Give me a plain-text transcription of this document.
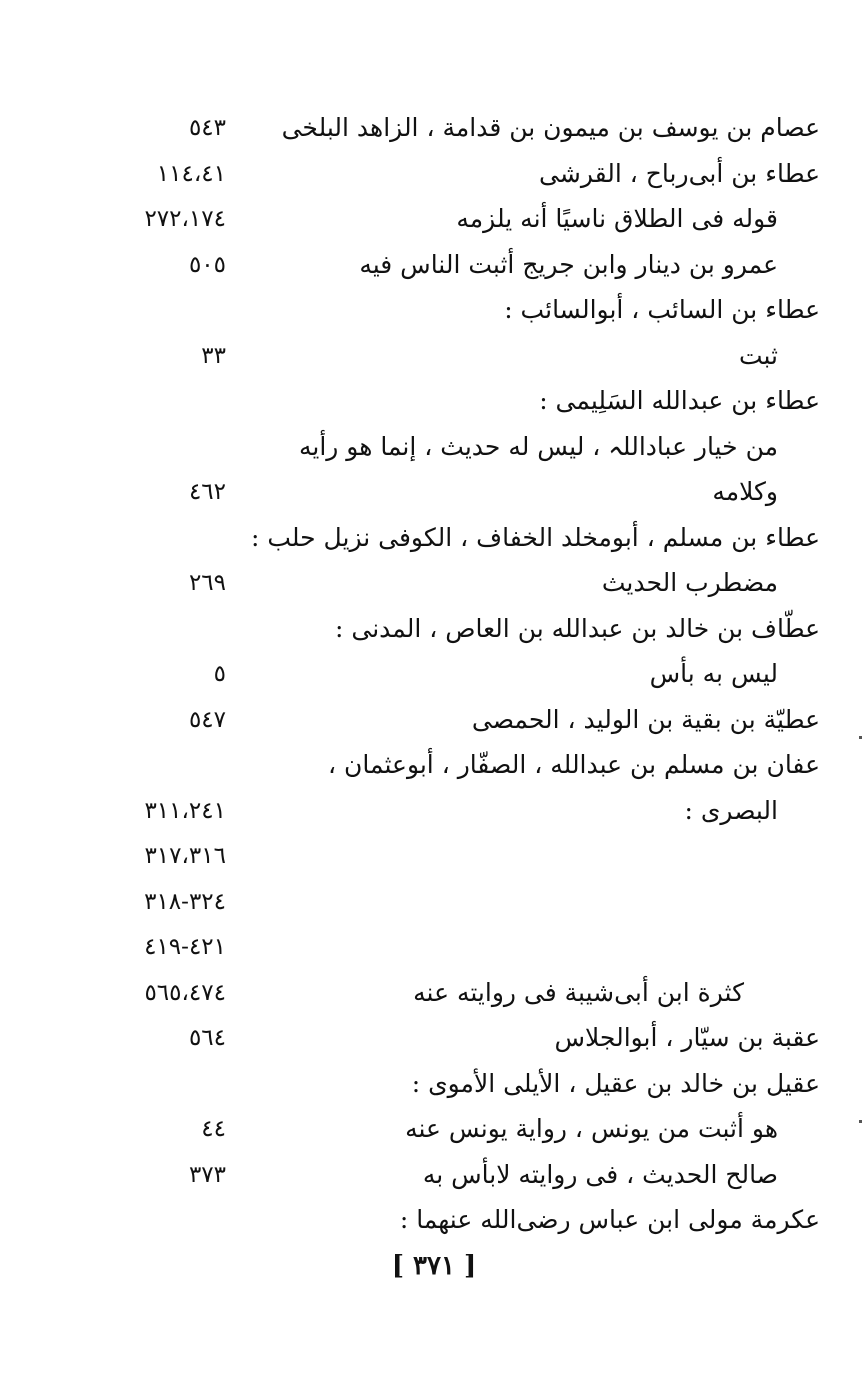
عصام بن يوسف بن ميمون بن قدامة ، الزاهد البلخى
٥٤٣
عطاء بن أبى‌رباح ، القرشى
١١٤،٤١
قوله فى الطلاق ناسيًا أنه يلزمه
٢٧٢،١٧٤
عمرو بن دينار وابن جريج أثبت الناس فيه
٥٠٥
عطاء بن السائب ، أبوالسائب :
ثبت
٣٣
عطاء بن عبدالله السَلِيمى :
من خيار عباداللہ ، ليس له حديث ، إنما هو رأيه
وكلامه
٤٦٢
عطاء بن مسلم ، أبومخلد الخفاف ، الكوفى نزيل حلب :
مضطرب الحديث
٢٦٩
عطّاف بن خالد بن عبدالله بن العاص ، المدنى :
ليس به بأس
٥
عطيّة بن بقية بن الوليد ، الحمصى
٥٤٧
عفان بن مسلم بن عبدالله ، الصفّار ، أبوعثمان ،
البصرى :
٣١١،٢٤١
٣١٧،٣١٦
٣٢٤-٣١٨
٤٢١-٤١٩
كثرة ابن أبى‌شيبة فى روايته عنه
٥٦٥،٤٧٤
عقبة بن سيّار ، أبوالجلاس
٥٦٤
عقيل بن خالد بن عقيل ، الأيلى الأموى :
هو أثبت من يونس ، رواية يونس عنه
٤٤
صالح الحديث ، فى روايته لابأس به
٣٧٣
عكرمة مولى ابن عباس رضى‌الله عنهما :
[ ٣٧١ ]
